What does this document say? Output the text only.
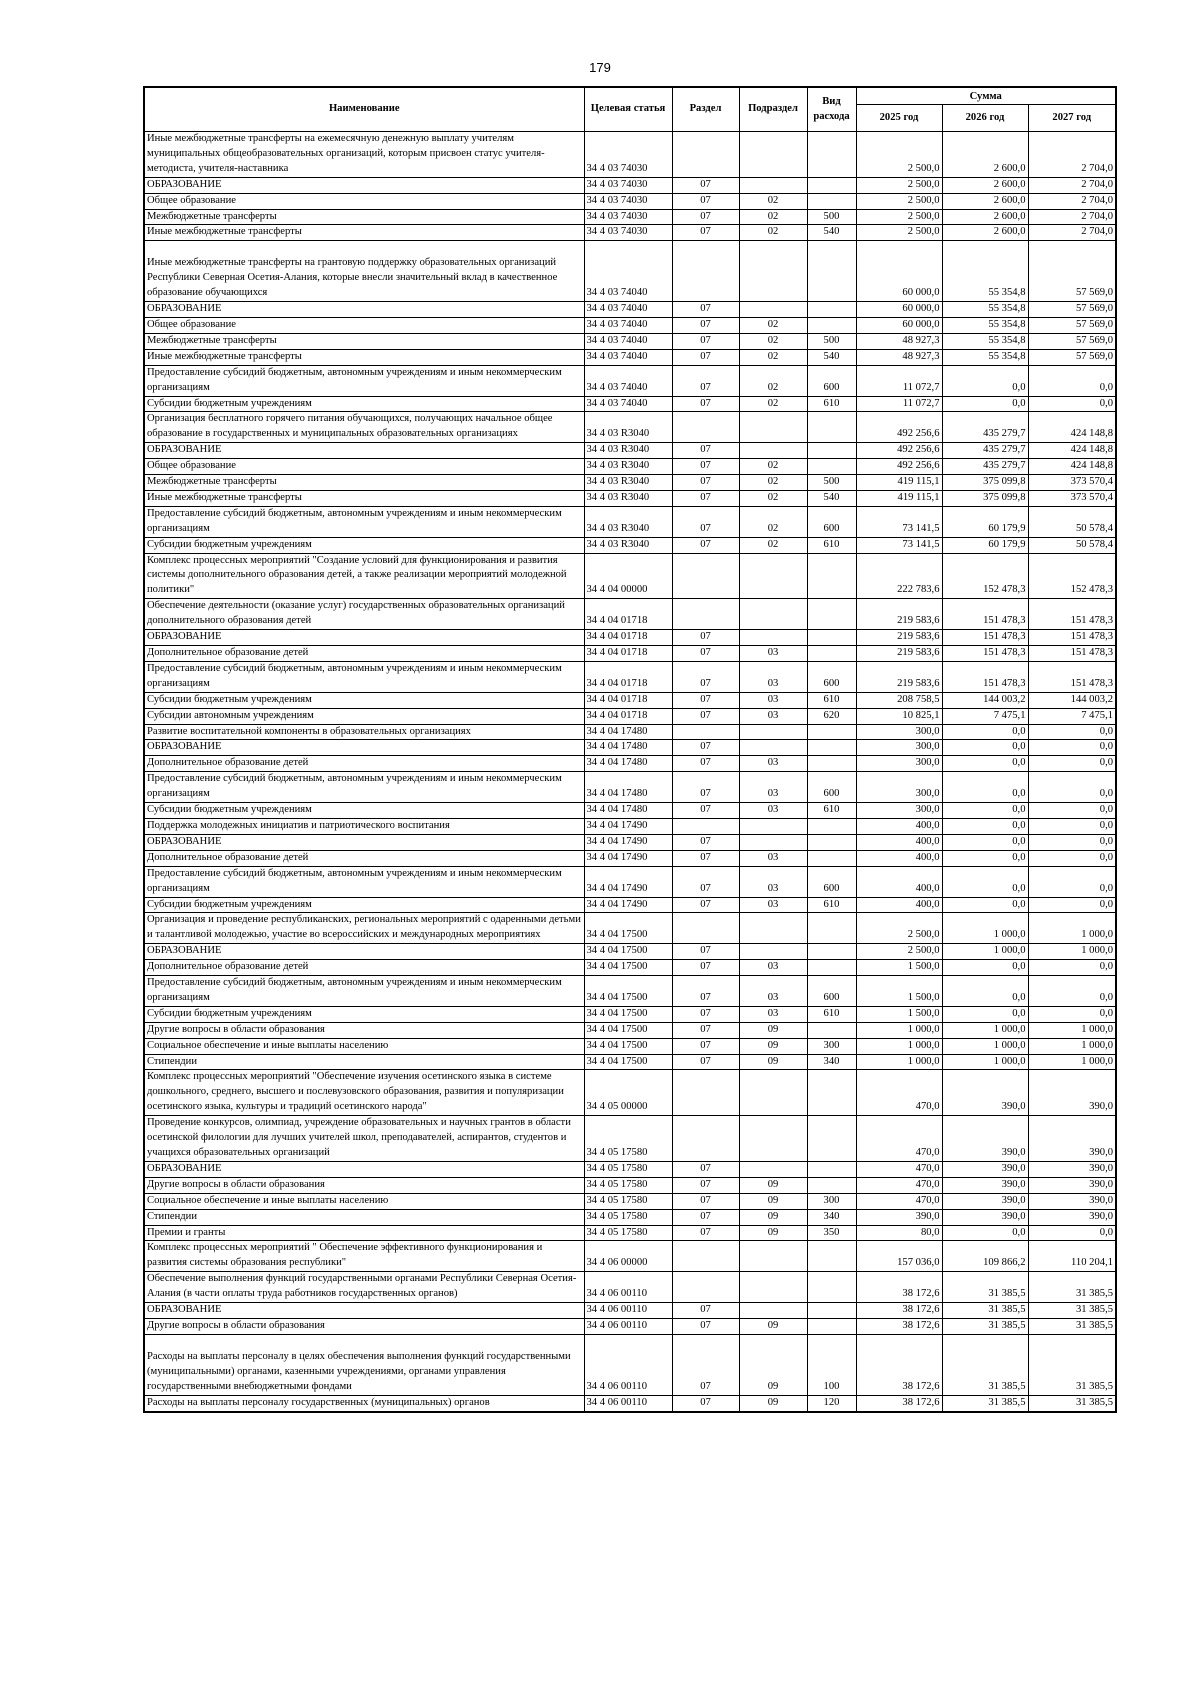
179
Наименование	Целевая статья	Раздел	Подраздел	Вид расхода	Сумма		
					2025 год	2026 год	2027 год
Иные межбюджетные трансферты на ежемесячную денежную выплату учителям муниципальных общеобразовательных организаций, которым присвоен статус учителя-методиста, учителя-наставника	34 4 03 74030				2 500,0	2 600,0	2 704,0
ОБРАЗОВАНИЕ	34 4 03 74030	07			2 500,0	2 600,0	2 704,0
Общее образование	34 4 03 74030	07	02		2 500,0	2 600,0	2 704,0
Межбюджетные трансферты	34 4 03 74030	07	02	500	2 500,0	2 600,0	2 704,0
Иные межбюджетные трансферты	34 4 03 74030	07	02	540	2 500,0	2 600,0	2 704,0
Иные межбюджетные трансферты на грантовую поддержку образовательных организаций Республики Северная Осетия-Алания, которые внесли значительный вклад в качественное образование обучающихся	34 4 03 74040				60 000,0	55 354,8	57 569,0
ОБРАЗОВАНИЕ	34 4 03 74040	07			60 000,0	55 354,8	57 569,0
Общее образование	34 4 03 74040	07	02		60 000,0	55 354,8	57 569,0
Межбюджетные трансферты	34 4 03 74040	07	02	500	48 927,3	55 354,8	57 569,0
Иные межбюджетные трансферты	34 4 03 74040	07	02	540	48 927,3	55 354,8	57 569,0
Предоставление субсидий бюджетным, автономным учреждениям и иным некоммерческим организациям	34 4 03 74040	07	02	600	11 072,7	0,0	0,0
Субсидии бюджетным учреждениям	34 4 03 74040	07	02	610	11 072,7	0,0	0,0
Организация бесплатного горячего питания обучающихся, получающих начальное общее образование в государственных и муниципальных образовательных организациях	34 4 03 R3040				492 256,6	435 279,7	424 148,8
ОБРАЗОВАНИЕ	34 4 03 R3040	07			492 256,6	435 279,7	424 148,8
Общее образование	34 4 03 R3040	07	02		492 256,6	435 279,7	424 148,8
Межбюджетные трансферты	34 4 03 R3040	07	02	500	419 115,1	375 099,8	373 570,4
Иные межбюджетные трансферты	34 4 03 R3040	07	02	540	419 115,1	375 099,8	373 570,4
Предоставление субсидий бюджетным, автономным учреждениям и иным некоммерческим организациям	34 4 03 R3040	07	02	600	73 141,5	60 179,9	50 578,4
Субсидии бюджетным учреждениям	34 4 03 R3040	07	02	610	73 141,5	60 179,9	50 578,4
Комплекс процессных мероприятий "Создание условий для функционирования и развития системы дополнительного образования детей, а также реализации мероприятий молодежной политики"	34 4 04 00000				222 783,6	152 478,3	152 478,3
Обеспечение деятельности (оказание услуг) государственных образовательных организаций дополнительного образования детей	34 4 04 01718				219 583,6	151 478,3	151 478,3
ОБРАЗОВАНИЕ	34 4 04 01718	07			219 583,6	151 478,3	151 478,3
Дополнительное образование детей	34 4 04 01718	07	03		219 583,6	151 478,3	151 478,3
Предоставление субсидий бюджетным, автономным учреждениям и иным некоммерческим организациям	34 4 04 01718	07	03	600	219 583,6	151 478,3	151 478,3
Субсидии бюджетным учреждениям	34 4 04 01718	07	03	610	208 758,5	144 003,2	144 003,2
Субсидии автономным учреждениям	34 4 04 01718	07	03	620	10 825,1	7 475,1	7 475,1
Развитие воспитательной компоненты в образовательных организациях	34 4 04 17480				300,0	0,0	0,0
ОБРАЗОВАНИЕ	34 4 04 17480	07			300,0	0,0	0,0
Дополнительное образование детей	34 4 04 17480	07	03		300,0	0,0	0,0
Предоставление субсидий бюджетным, автономным учреждениям и иным некоммерческим организациям	34 4 04 17480	07	03	600	300,0	0,0	0,0
Субсидии бюджетным учреждениям	34 4 04 17480	07	03	610	300,0	0,0	0,0
Поддержка молодежных инициатив и патриотического воспитания	34 4 04 17490				400,0	0,0	0,0
ОБРАЗОВАНИЕ	34 4 04 17490	07			400,0	0,0	0,0
Дополнительное образование детей	34 4 04 17490	07	03		400,0	0,0	0,0
Предоставление субсидий бюджетным, автономным учреждениям и иным некоммерческим организациям	34 4 04 17490	07	03	600	400,0	0,0	0,0
Субсидии бюджетным учреждениям	34 4 04 17490	07	03	610	400,0	0,0	0,0
Организация и проведение республиканских, региональных мероприятий с одаренными детьми и талантливой молодежью, участие во всероссийских и международных мероприятиях	34 4 04 17500				2 500,0	1 000,0	1 000,0
ОБРАЗОВАНИЕ	34 4 04 17500	07			2 500,0	1 000,0	1 000,0
Дополнительное образование детей	34 4 04 17500	07	03		1 500,0	0,0	0,0
Предоставление субсидий бюджетным, автономным учреждениям и иным некоммерческим организациям	34 4 04 17500	07	03	600	1 500,0	0,0	0,0
Субсидии бюджетным учреждениям	34 4 04 17500	07	03	610	1 500,0	0,0	0,0
Другие вопросы в области образования	34 4 04 17500	07	09		1 000,0	1 000,0	1 000,0
Социальное обеспечение и иные выплаты населению	34 4 04 17500	07	09	300	1 000,0	1 000,0	1 000,0
Стипендии	34 4 04 17500	07	09	340	1 000,0	1 000,0	1 000,0
Комплекс процессных мероприятий "Обеспечение изучения осетинского языка в системе дошкольного, среднего, высшего и послевузовского образования, развития и популяризации осетинского языка, культуры и традиций осетинского народа"	34 4 05 00000				470,0	390,0	390,0
Проведение конкурсов, олимпиад, учреждение образовательных и научных грантов в области осетинской филологии для лучших учителей школ, преподавателей, аспирантов, студентов и учащихся образовательных организаций	34 4 05 17580				470,0	390,0	390,0
ОБРАЗОВАНИЕ	34 4 05 17580	07			470,0	390,0	390,0
Другие вопросы в области образования	34 4 05 17580	07	09		470,0	390,0	390,0
Социальное обеспечение и иные выплаты населению	34 4 05 17580	07	09	300	470,0	390,0	390,0
Стипендии	34 4 05 17580	07	09	340	390,0	390,0	390,0
Премии и гранты	34 4 05 17580	07	09	350	80,0	0,0	0,0
Комплекс процессных мероприятий " Обеспечение эффективного функционирования и развития системы образования республики"	34 4 06 00000				157 036,0	109 866,2	110 204,1
Обеспечение выполнения функций государственными органами Республики Северная Осетия-Алания (в части оплаты труда работников государственных органов)	34 4 06 00110				38 172,6	31 385,5	31 385,5
ОБРАЗОВАНИЕ	34 4 06 00110	07			38 172,6	31 385,5	31 385,5
Другие вопросы в области образования	34 4 06 00110	07	09		38 172,6	31 385,5	31 385,5
Расходы на выплаты персоналу в целях обеспечения выполнения функций государственными (муниципальными) органами, казенными учреждениями, органами управления государственными внебюджетными фондами	34 4 06 00110	07	09	100	38 172,6	31 385,5	31 385,5
Расходы на выплаты персоналу государственных (муниципальных) органов	34 4 06 00110	07	09	120	38 172,6	31 385,5	31 385,5
